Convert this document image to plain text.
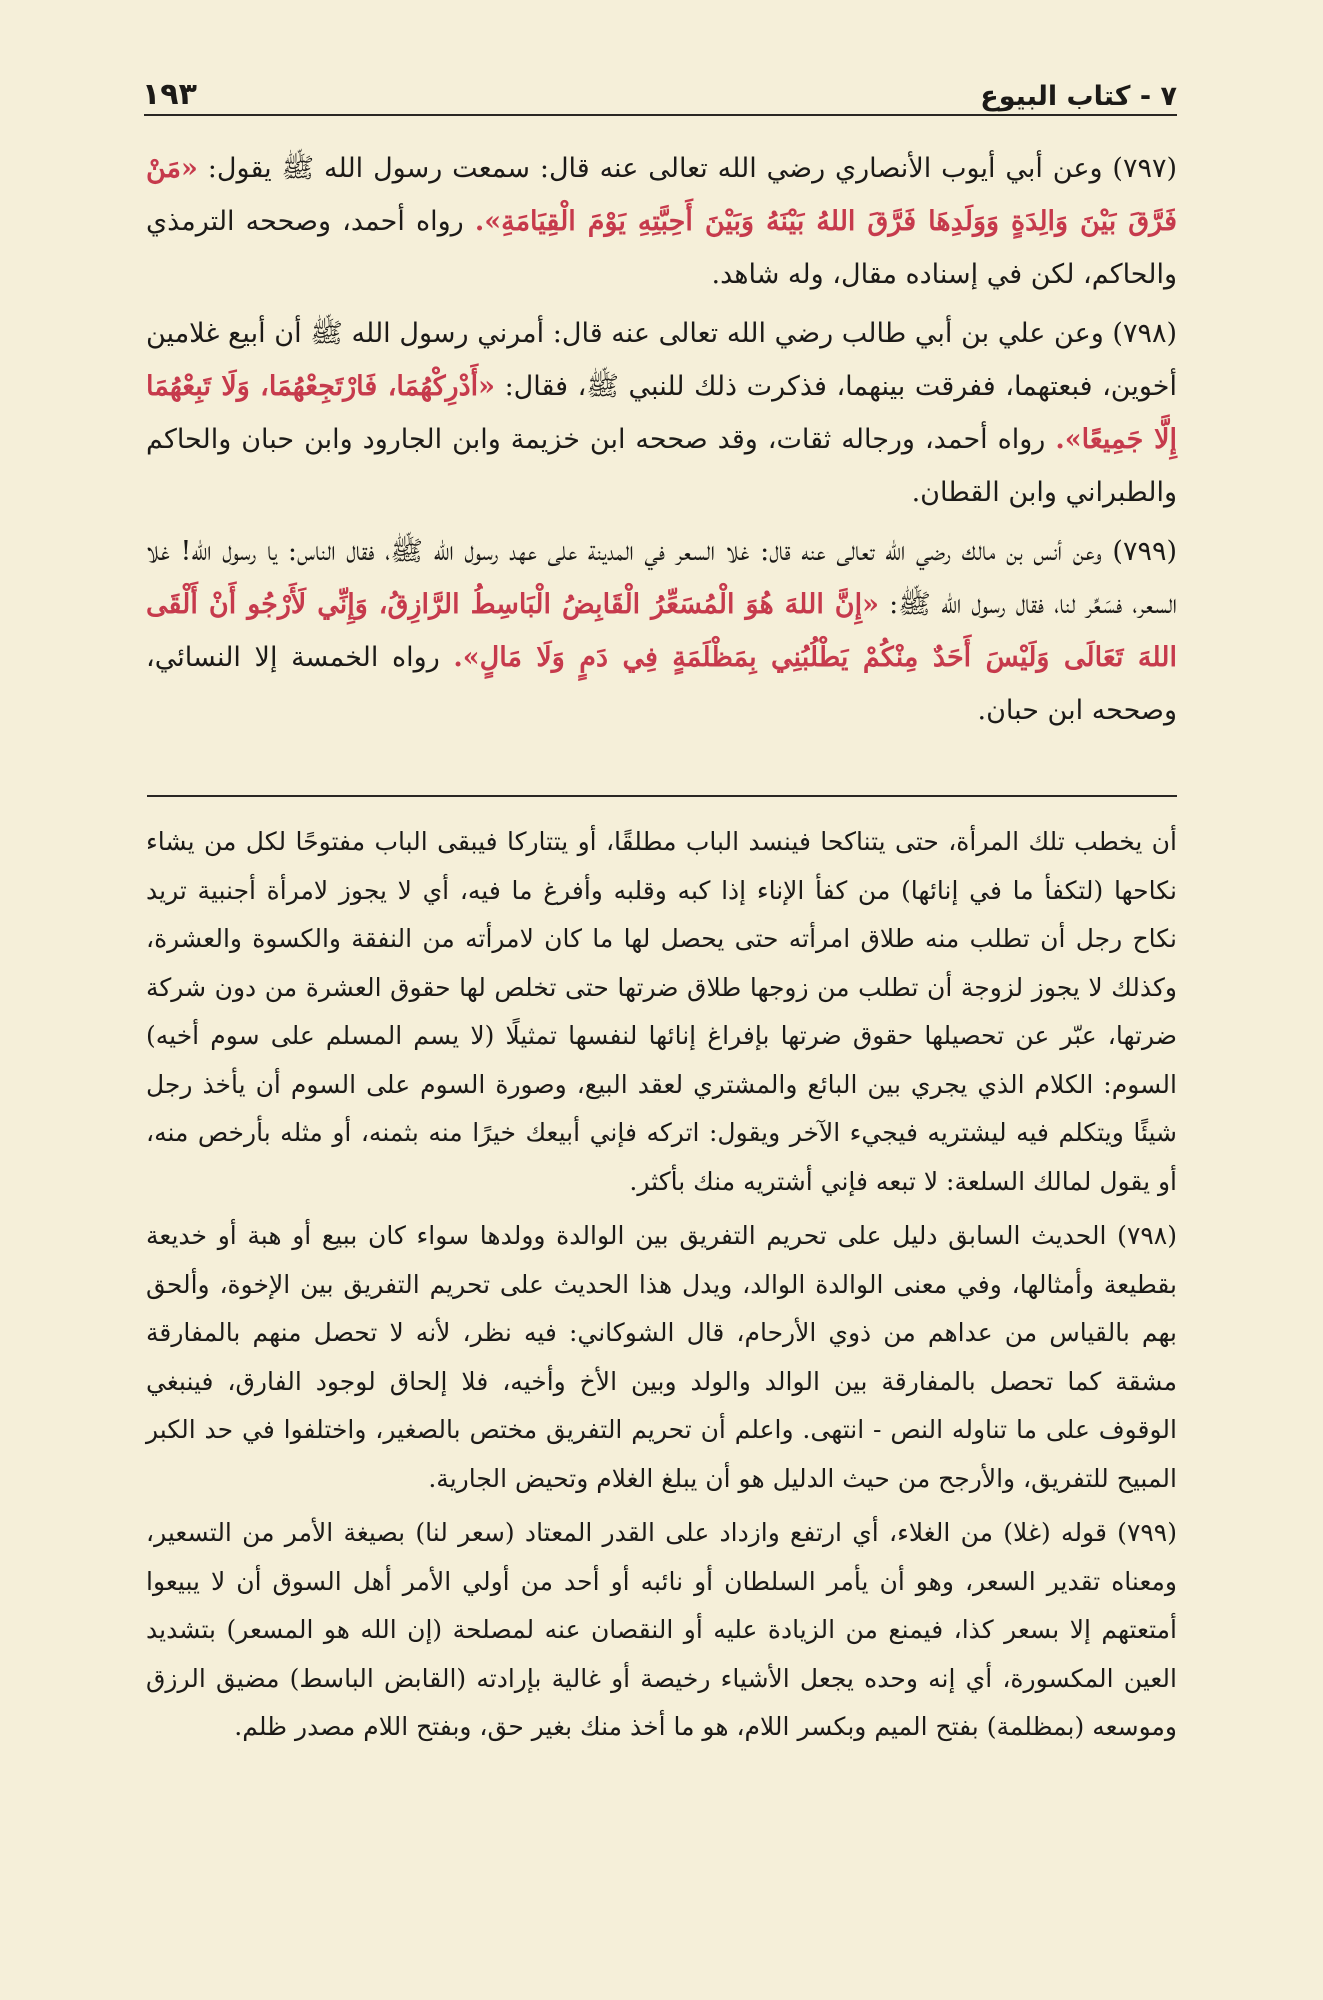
٧ - كتاب البيوع
١٩٣

(٧٩٧) وعن أبي أيوب الأنصاري رضي الله تعالى عنه قال: سمعت رسول الله ﷺ يقول: «مَنْ فَرَّقَ بَيْنَ وَالِدَةٍ وَوَلَدِهَا فَرَّقَ اللهُ بَيْنَهُ وَبَيْنَ أَحِبَّتِهِ يَوْمَ الْقِيَامَةِ». رواه أحمد، وصححه الترمذي والحاكم، لكن في إسناده مقال، وله شاهد.

(٧٩٨) وعن علي بن أبي طالب رضي الله تعالى عنه قال: أمرني رسول الله ﷺ أن أبيع غلامين أخوين، فبعتهما، ففرقت بينهما، فذكرت ذلك للنبي ﷺ، فقال: «أَدْرِكْهُمَا، فَارْتَجِعْهُمَا، وَلَا تَبِعْهُمَا إِلَّا جَمِيعًا». رواه أحمد، ورجاله ثقات، وقد صححه ابن خزيمة وابن الجارود وابن حبان والحاكم والطبراني وابن القطان.

(٧٩٩) وعن أنس بن مالك رضي الله تعالى عنه قال: غلا السعر في المدينة على عهد رسول الله ﷺ، فقال الناس: يا رسول الله! غلا السعر، فسَعِّر لنا، فقال رسول الله ﷺ: «إِنَّ اللهَ هُوَ الْمُسَعِّرُ الْقَابِضُ الْبَاسِطُ الرَّازِقُ، وَإِنِّي لَأَرْجُو أَنْ أَلْقَى اللهَ تَعَالَى وَلَيْسَ أَحَدٌ مِنْكُمْ يَطْلُبُنِي بِمَظْلَمَةٍ فِي دَمٍ وَلَا مَالٍ». رواه الخمسة إلا النسائي، وصححه ابن حبان.

أن يخطب تلك المرأة، حتى يتناكحا فينسد الباب مطلقًا، أو يتتاركا فيبقى الباب مفتوحًا لكل من يشاء نكاحها (لتكفأ ما في إنائها) من كفأ الإناء إذا كبه وقلبه وأفرغ ما فيه، أي لا يجوز لامرأة أجنبية تريد نكاح رجل أن تطلب منه طلاق امرأته حتى يحصل لها ما كان لامرأته من النفقة والكسوة والعشرة، وكذلك لا يجوز لزوجة أن تطلب من زوجها طلاق ضرتها حتى تخلص لها حقوق العشرة من دون شركة ضرتها، عبّر عن تحصيلها حقوق ضرتها بإفراغ إنائها لنفسها تمثيلًا (لا يسم المسلم على سوم أخيه) السوم: الكلام الذي يجري بين البائع والمشتري لعقد البيع، وصورة السوم على السوم أن يأخذ رجل شيئًا ويتكلم فيه ليشتريه فيجيء الآخر ويقول: اتركه فإني أبيعك خيرًا منه بثمنه، أو مثله بأرخص منه، أو يقول لمالك السلعة: لا تبعه فإني أشتريه منك بأكثر.

(٧٩٨) الحديث السابق دليل على تحريم التفريق بين الوالدة وولدها سواء كان ببيع أو هبة أو خديعة بقطيعة وأمثالها، وفي معنى الوالدة الوالد، ويدل هذا الحديث على تحريم التفريق بين الإخوة، وألحق بهم بالقياس من عداهم من ذوي الأرحام، قال الشوكاني: فيه نظر، لأنه لا تحصل منهم بالمفارقة مشقة كما تحصل بالمفارقة بين الوالد والولد وبين الأخ وأخيه، فلا إلحاق لوجود الفارق، فينبغي الوقوف على ما تناوله النص - انتهى. واعلم أن تحريم التفريق مختص بالصغير، واختلفوا في حد الكبر المبيح للتفريق، والأرجح من حيث الدليل هو أن يبلغ الغلام وتحيض الجارية.

(٧٩٩) قوله (غلا) من الغلاء، أي ارتفع وازداد على القدر المعتاد (سعر لنا) بصيغة الأمر من التسعير، ومعناه تقدير السعر، وهو أن يأمر السلطان أو نائبه أو أحد من أولي الأمر أهل السوق أن لا يبيعوا أمتعتهم إلا بسعر كذا، فيمنع من الزيادة عليه أو النقصان عنه لمصلحة (إن الله هو المسعر) بتشديد العين المكسورة، أي إنه وحده يجعل الأشياء رخيصة أو غالية بإرادته (القابض الباسط) مضيق الرزق وموسعه (بمظلمة) بفتح الميم وبكسر اللام، هو ما أخذ منك بغير حق، وبفتح اللام مصدر ظلم.
